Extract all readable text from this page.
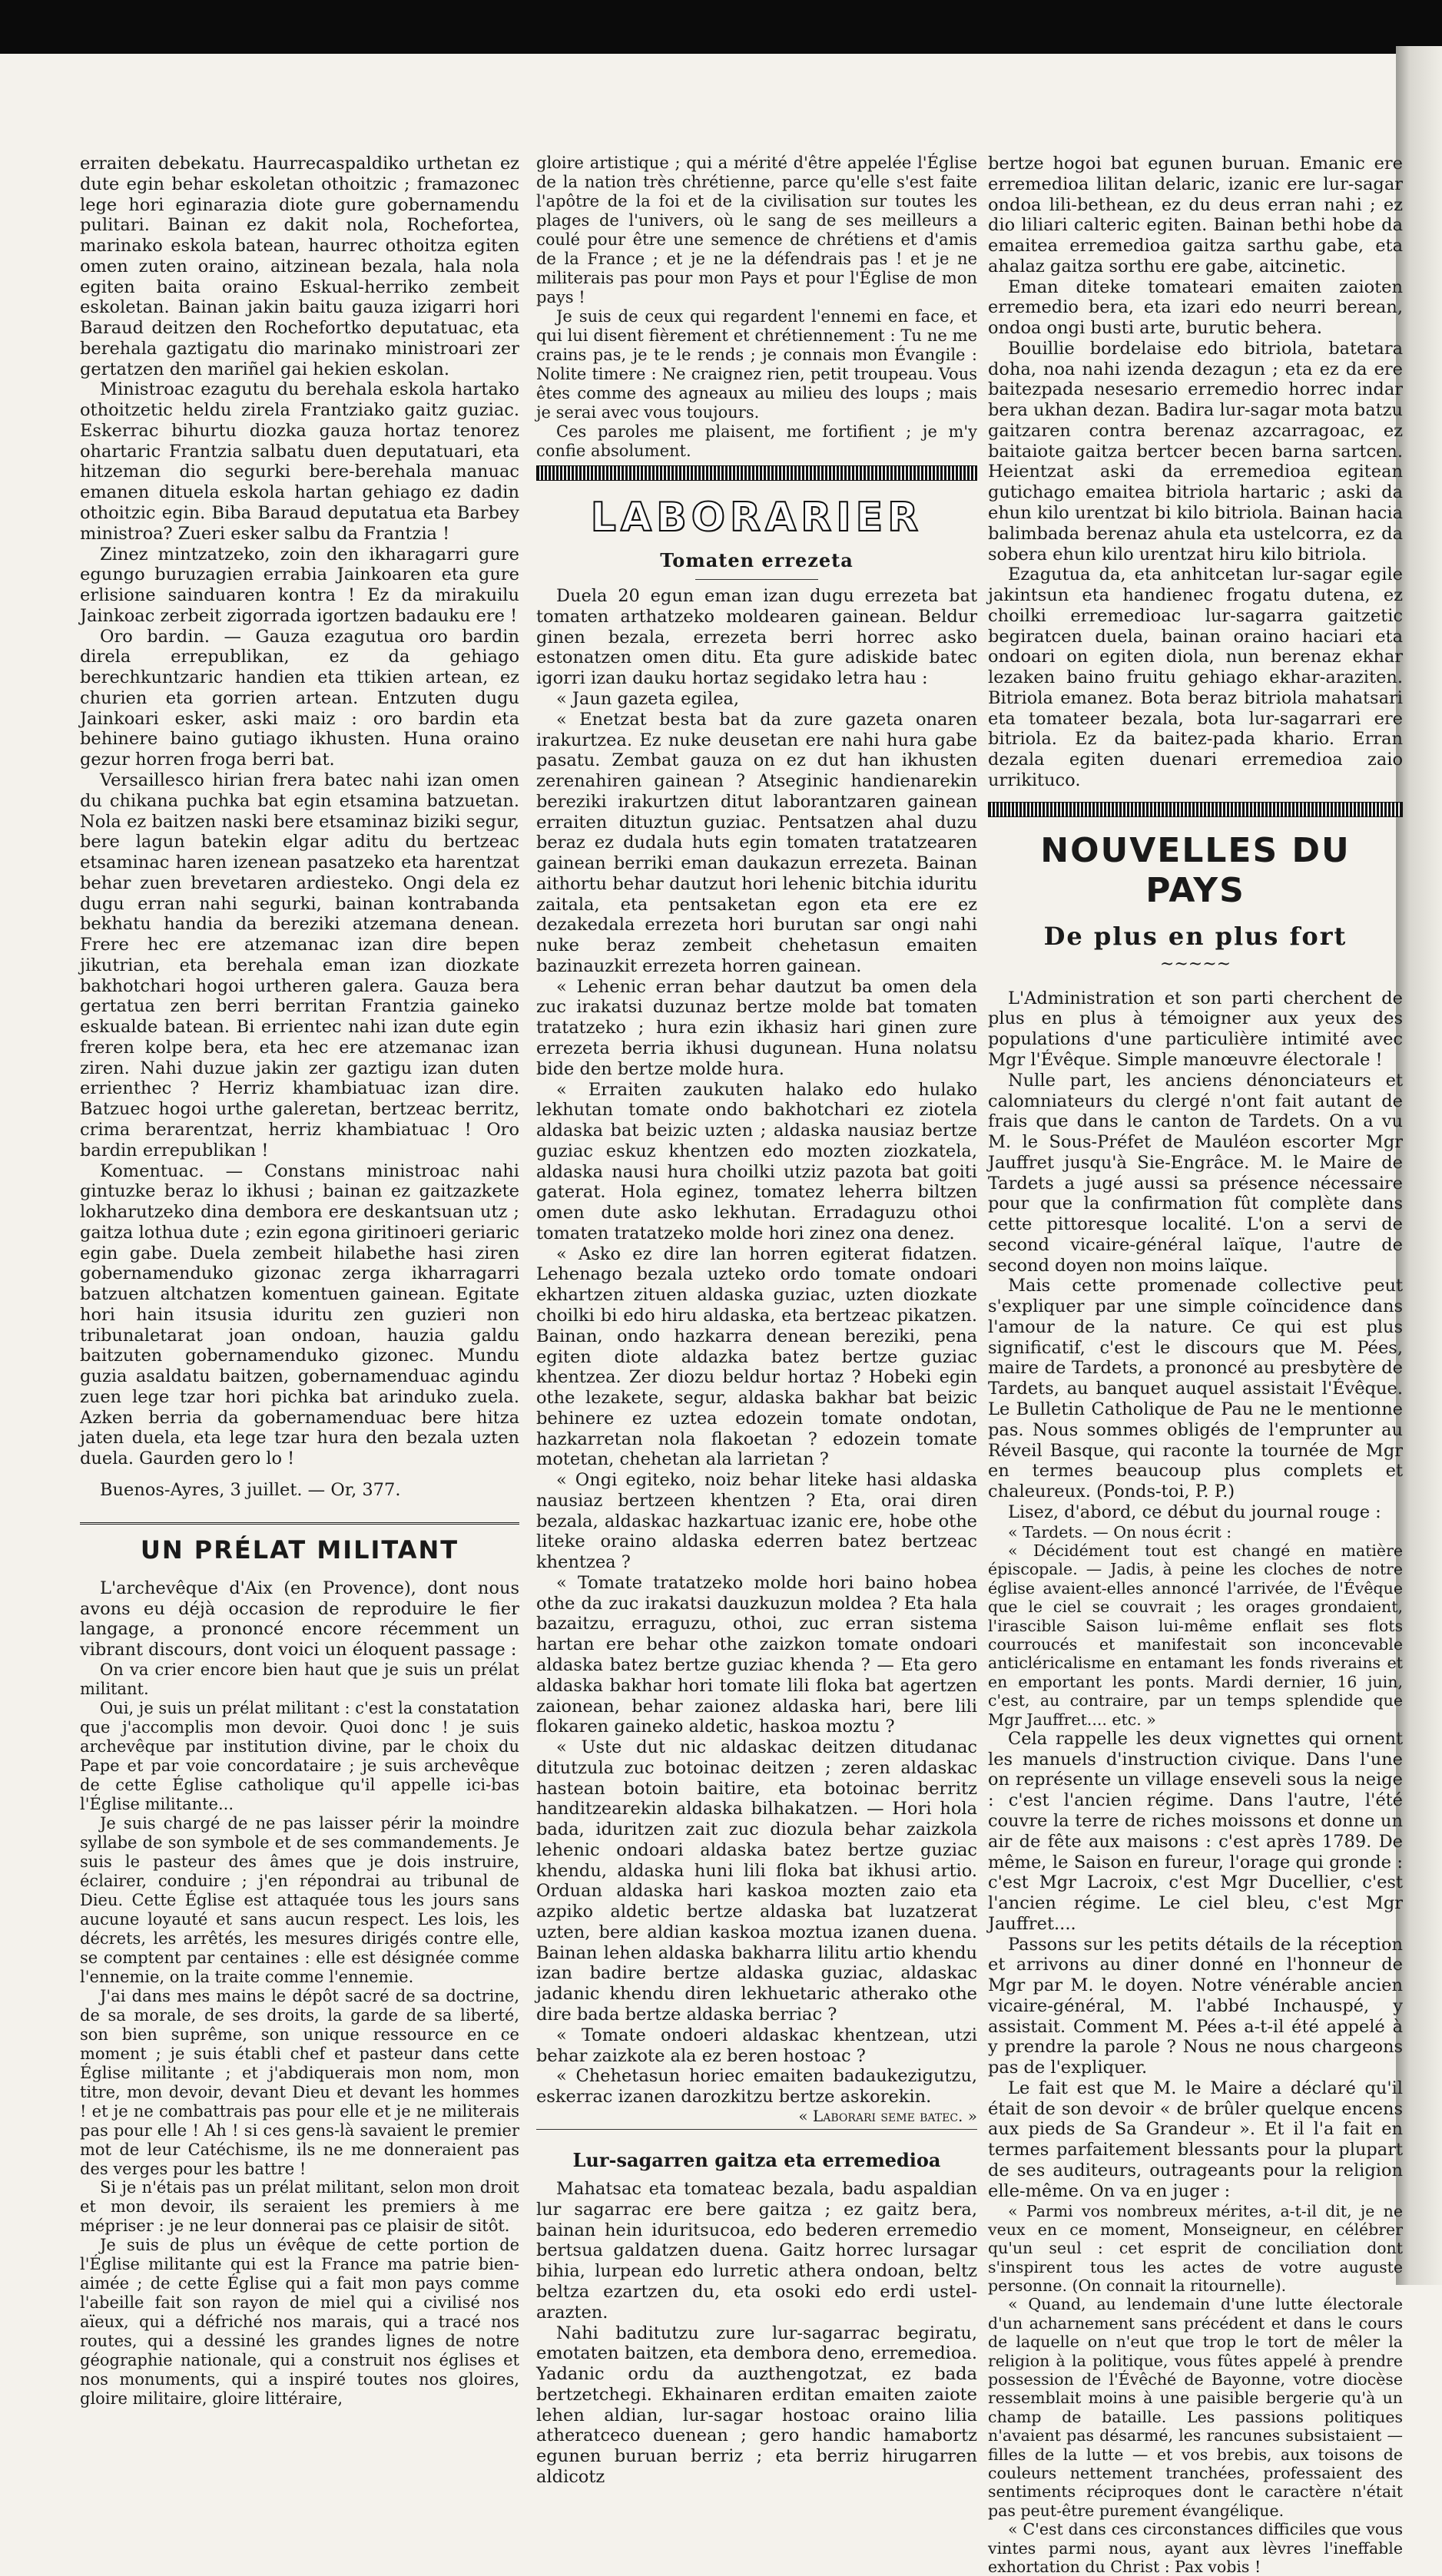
erraiten debekatu. Haurrecaspaldiko urthetan ez dute egin behar eskoletan othoitzic ; framazonec lege hori eginarazia diote gure gobernamendu pulitari. Bainan ez dakit nola, Rochefortea, marinako eskola batean, haurrec othoitza egiten omen zuten oraino, aitzinean bezala, hala nola egiten baita oraino Eskual-herriko zembeit eskoletan. Bainan jakin baitu gauza izigarri hori Baraud deitzen den Rochefortko deputatuac, eta berehala gaztigatu dio marinako ministroari zer gertatzen den mariñel gai hekien eskolan.

Ministroac ezagutu du berehala eskola hartako othoitzetic heldu zirela Frantziako gaitz guziac. Eskerrac bihurtu diozka gauza hortaz tenorez ohartaric Frantzia salbatu duen deputatuari, eta hitzeman dio segurki bere-berehala manuac emanen dituela eskola hartan gehiago ez dadin othoitzic egin. Biba Baraud deputatua eta Barbey ministroa? Zueri esker salbu da Frantzia !

Zinez mintzatzeko, zoin den ikharagarri gure egungo buruzagien errabia Jainkoaren eta gure erlisione sainduaren kontra ! Ez da mirakuilu Jainkoac zerbeit zigorrada igortzen badauku ere !

Oro bardin. — Gauza ezagutua oro bardin direla errepublikan, ez da gehiago berechkuntzaric handien eta ttikien artean, ez churien eta gorrien artean. Entzuten dugu Jainkoari esker, aski maiz : oro bardin eta behinere baino gutiago ikhusten. Huna oraino gezur horren froga berri bat.

Versaillesco hirian frera batec nahi izan omen du chikana puchka bat egin etsamina batzuetan. Nola ez baitzen naski bere etsaminaz biziki segur, bere lagun batekin elgar aditu du bertzeac etsaminac haren izenean pasatzeko eta harentzat behar zuen brevetaren ardiesteko. Ongi dela ez dugu erran nahi segurki, bainan kontrabanda bekhatu handia da bereziki atzemana denean. Frere hec ere atzemanac izan dire bepen jikutrian, eta berehala eman izan diozkate bakhotchari hogoi urtheren galera. Gauza bera gertatua zen berri berritan Frantzia gaineko eskualde batean. Bi errientec nahi izan dute egin freren kolpe bera, eta hec ere atzemanac izan ziren. Nahi duzue jakin zer gaztigu izan duten errienthec ? Herriz khambiatuac izan dire. Batzuec hogoi urthe galeretan, bertzeac berritz, crima berarentzat, herriz khambiatuac ! Oro bardin errepublikan !

Komentuac. — Constans ministroac nahi gintuzke beraz lo ikhusi ; bainan ez gaitzazkete lokharutzeko dina dembora ere deskantsuan utz ; gaitza lothua dute ; ezin egona giritinoeri geriaric egin gabe. Duela zembeit hilabethe hasi ziren gobernamenduko gizonac zerga ikharragarri batzuen altchatzen komentuen gainean. Egitate hori hain itsusia iduritu zen guzieri non tribunaletarat joan ondoan, hauzia galdu baitzuten gobernamenduko gizonec. Mundu guzia asaldatu baitzen, gobernamenduac agindu zuen lege tzar hori pichka bat arinduko zuela. Azken berria da gobernamenduac bere hitza jaten duela, eta lege tzar hura den bezala uzten duela. Gaurden gero lo !

Buenos-Ayres, 3 juillet. — Or, 377.

UN PRÉLAT MILITANT

L'archevêque d'Aix (en Provence), dont nous avons eu déjà occasion de reproduire le fier langage, a prononcé encore récemment un vibrant discours, dont voici un éloquent passage :

On va crier encore bien haut que je suis un prélat militant.

Oui, je suis un prélat militant : c'est la constatation que j'accomplis mon devoir. Quoi donc ! je suis archevêque par institution divine, par le choix du Pape et par voie concordataire ; je suis archevêque de cette Église catholique qu'il appelle ici-bas l'Église militante...

Je suis chargé de ne pas laisser périr la moindre syllabe de son symbole et de ses commandements. Je suis le pasteur des âmes que je dois instruire, éclairer, conduire ; j'en répondrai au tribunal de Dieu. Cette Église est attaquée tous les jours sans aucune loyauté et sans aucun respect. Les lois, les décrets, les arrêtés, les mesures dirigés contre elle, se comptent par centaines : elle est désignée comme l'ennemie, on la traite comme l'ennemie.

J'ai dans mes mains le dépôt sacré de sa doctrine, de sa morale, de ses droits, la garde de sa liberté, son bien suprême, son unique ressource en ce moment ; je suis établi chef et pasteur dans cette Église militante ; et j'abdiquerais mon nom, mon titre, mon devoir, devant Dieu et devant les hommes ! et je ne combattrais pas pour elle et je ne militerais pas pour elle ! Ah ! si ces gens-là savaient le premier mot de leur Catéchisme, ils ne me donneraient pas des verges pour les battre !

Si je n'étais pas un prélat militant, selon mon droit et mon devoir, ils seraient les premiers à me mépriser : je ne leur donnerai pas ce plaisir de sitôt.

Je suis de plus un évêque de cette portion de l'Église militante qui est la France ma patrie bien-aimée ; de cette Église qui a fait mon pays comme l'abeille fait son rayon de miel qui a civilisé nos aïeux, qui a défriché nos marais, qui a tracé nos routes, qui a dessiné les grandes lignes de notre géographie nationale, qui a construit nos églises et nos monuments, qui a inspiré toutes nos gloires, gloire militaire, gloire littéraire,

gloire artistique ; qui a mérité d'être appelée l'Église de la nation très chrétienne, parce qu'elle s'est faite l'apôtre de la foi et de la civilisation sur toutes les plages de l'univers, où le sang de ses meilleurs a coulé pour être une semence de chrétiens et d'amis de la France ; et je ne la défendrais pas ! et je ne militerais pas pour mon Pays et pour l'Église de mon pays !

Je suis de ceux qui regardent l'ennemi en face, et qui lui disent fièrement et chrétiennement : Tu ne me crains pas, je te le rends ; je connais mon Évangile : Nolite timere : Ne craignez rien, petit troupeau. Vous êtes comme des agneaux au milieu des loups ; mais je serai avec vous toujours.

Ces paroles me plaisent, me fortifient ; je m'y confie absolument.

LABORARIER
Tomaten errezeta

Duela 20 egun eman izan dugu errezeta bat tomaten arthatzeko moldearen gainean. Beldur ginen bezala, errezeta berri horrec asko estonatzen omen ditu. Eta gure adiskide batec igorri izan dauku hortaz segidako letra hau :

« Jaun gazeta egilea,

« Enetzat besta bat da zure gazeta onaren irakurtzea. Ez nuke deusetan ere nahi hura gabe pasatu. Zembat gauza on ez dut han ikhusten zerenahiren gainean ? Atseginic handienarekin bereziki irakurtzen ditut laborantzaren gainean erraiten dituztun guziac. Pentsatzen ahal duzu beraz ez dudala huts egin tomaten tratatzearen gainean berriki eman daukazun errezeta. Bainan aithortu behar dautzut hori lehenic bitchia iduritu zaitala, eta pentsaketan egon eta ere ez dezakedala errezeta hori burutan sar ongi nahi nuke beraz zembeit chehetasun emaiten bazinauzkit errezeta horren gainean.

« Lehenic erran behar dautzut ba omen dela zuc irakatsi duzunaz bertze molde bat tomaten tratatzeko ; hura ezin ikhasiz hari ginen zure errezeta berria ikhusi dugunean. Huna nolatsu bide den bertze molde hura.

« Erraiten zaukuten halako edo hulako lekhutan tomate ondo bakhotchari ez ziotela aldaska bat beizic uzten ; aldaska nausiaz bertze guziac eskuz khentzen edo mozten ziozkatela, aldaska nausi hura choilki utziz pazota bat goiti gaterat. Hola eginez, tomatez leherra biltzen omen dute asko lekhutan. Erradaguzu othoi tomaten tratatzeko molde hori zinez ona denez.

« Asko ez dire lan horren egiterat fidatzen. Lehenago bezala uzteko ordo tomate ondoari ekhartzen zituen aldaska guziac, uzten diozkate choilki bi edo hiru aldaska, eta bertzeac pikatzen. Bainan, ondo hazkarra denean bereziki, pena egiten diote aldazka batez bertze guziac khentzea. Zer diozu beldur hortaz ? Hobeki egin othe lezakete, segur, aldaska bakhar bat beizic behinere ez uztea edozein tomate ondotan, hazkarretan nola flakoetan ? edozein tomate motetan, chehetan ala larrietan ?

« Ongi egiteko, noiz behar liteke hasi aldaska nausiaz bertzeen khentzen ? Eta, orai diren bezala, aldaskac hazkartuac izanic ere, hobe othe liteke oraino aldaska ederren batez bertzeac khentzea ?

« Tomate tratatzeko molde hori baino hobea othe da zuc irakatsi dauzkuzun moldea ? Eta hala bazaitzu, erraguzu, othoi, zuc erran sistema hartan ere behar othe zaizkon tomate ondoari aldaska batez bertze guziac khenda ? — Eta gero aldaska bakhar hori tomate lili floka bat agertzen zaionean, behar zaionez aldaska hari, bere lili flokaren gaineko aldetic, haskoa moztu ?

« Uste dut nic aldaskac deitzen ditudanac ditutzula zuc botoinac deitzen ; zeren aldaskac hastean botoin baitire, eta botoinac berritz handitzearekin aldaska bilhakatzen. — Hori hola bada, iduritzen zait zuc diozula behar zaizkola lehenic ondoari aldaska batez bertze guziac khendu, aldaska huni lili floka bat ikhusi artio. Orduan aldaska hari kaskoa mozten zaio eta azpiko aldetic bertze aldaska bat luzatzerat uzten, bere aldian kaskoa moztua izanen duena. Bainan lehen aldaska bakharra lilitu artio khendu izan badire bertze aldaska guziac, aldaskac jadanic khendu diren lekhuetaric atherako othe dire bada bertze aldaska berriac ?

« Tomate ondoeri aldaskac khentzean, utzi behar zaizkote ala ez beren hostoac ?

« Chehetasun horiec emaiten badaukezigutzu, eskerrac izanen darozkitzu bertze askorekin.

« Laborari seme batec. »

Lur-sagarren gaitza eta erremedioa

Mahatsac eta tomateac bezala, badu aspaldian lur sagarrac ere bere gaitza ; ez gaitz bera, bainan hein iduritsucoa, edo bederen erremedio bertsua galdatzen duena. Gaitz horrec lursagar bihia, lurpean edo lurretic athera ondoan, beltz beltza ezartzen du, eta osoki edo erdi ustel-arazten.

Nahi baditutzu zure lur-sagarrac begiratu, emotaten baitzen, eta dembora deno, erremedioa. Yadanic ordu da auzthengotzat, ez bada bertzetchegi. Ekhainaren erditan emaiten zaiote lehen aldian, lur-sagar hostoac oraino lilia atheratceco duenean ; gero handic hamabortz egunen buruan berriz ; eta berriz hirugarren aldicotz

bertze hogoi bat egunen buruan. Emanic ere erremedioa lilitan delaric, izanic ere lur-sagar ondoa lili-bethean, ez du deus erran nahi ; ez dio liliari calteric egiten. Bainan bethi hobe da emaitea erremedioa gaitza sarthu gabe, eta ahalaz gaitza sorthu ere gabe, aitcinetic.

Eman diteke tomateari emaiten zaioten erremedio bera, eta izari edo neurri berean, ondoa ongi busti arte, burutic behera.

Bouillie bordelaise edo bitriola, batetara doha, noa nahi izenda dezagun ; eta ez da ere baitezpada nesesario erremedio horrec indar bera ukhan dezan. Badira lur-sagar mota batzu gaitzaren contra berenaz azcarragoac, ez baitaiote gaitza bertcer becen barna sartcen. Heientzat aski da erremedioa egitean gutichago emaitea bitriola hartaric ; aski da ehun kilo urentzat bi kilo bitriola. Bainan hacia balimbada berenaz ahula eta ustelcorra, ez da sobera ehun kilo urentzat hiru kilo bitriola.

Ezagutua da, eta anhitcetan lur-sagar egile jakintsun eta handienec frogatu dutena, ez choilki erremedioac lur-sagarra gaitzetic begiratcen duela, bainan oraino haciari eta ondoari on egiten diola, nun berenaz ekhar lezaken baino fruitu gehiago ekhar-araziten. Bitriola emanez. Bota beraz bitriola mahatsari eta tomateer bezala, bota lur-sagarrari ere bitriola. Ez da baitez-pada khario. Erran dezala egiten duenari erremedioa zaio urrikituco.

NOUVELLES DU PAYS
De plus en plus fort
~~~~~

L'Administration et son parti cherchent de plus en plus à témoigner aux yeux des populations d'une particulière intimité avec Mgr l'Évêque. Simple manœuvre électorale !

Nulle part, les anciens dénonciateurs et calomniateurs du clergé n'ont fait autant de frais que dans le canton de Tardets. On a vu M. le Sous-Préfet de Mauléon escorter Mgr Jauffret jusqu'à Sie-Engrâce. M. le Maire de Tardets a jugé aussi sa présence nécessaire pour que la confirmation fût complète dans cette pittoresque localité. L'on a servi de second vicaire-général laïque, l'autre de second doyen non moins laïque.

Mais cette promenade collective peut s'expliquer par une simple coïncidence dans l'amour de la nature. Ce qui est plus significatif, c'est le discours que M. Pées, maire de Tardets, a prononcé au presbytère de Tardets, au banquet auquel assistait l'Évêque. Le Bulletin Catholique de Pau ne le mentionne pas. Nous sommes obligés de l'emprunter au Réveil Basque, qui raconte la tournée de Mgr en termes beaucoup plus complets et chaleureux. (Ponds-toi, P. P.)

Lisez, d'abord, ce début du journal rouge :

« Tardets. — On nous écrit :

« Décidément tout est changé en matière épiscopale. — Jadis, à peine les cloches de notre église avaient-elles annoncé l'arrivée, de l'Évêque que le ciel se couvrait ; les orages grondaient, l'irascible Saison lui-même enflait ses flots courroucés et manifestait son inconcevable anticléricalisme en entamant les fonds riverains et en emportant les ponts. Mardi dernier, 16 juin, c'est, au contraire, par un temps splendide que Mgr Jauffret.... etc. »

Cela rappelle les deux vignettes qui ornent les manuels d'instruction civique. Dans l'une on représente un village enseveli sous la neige : c'est l'ancien régime. Dans l'autre, l'été couvre la terre de riches moissons et donne un air de fête aux maisons : c'est après 1789. De même, le Saison en fureur, l'orage qui gronde : c'est Mgr Lacroix, c'est Mgr Ducellier, c'est l'ancien régime. Le ciel bleu, c'est Mgr Jauffret....

Passons sur les petits détails de la réception et arrivons au diner donné en l'honneur de Mgr par M. le doyen. Notre vénérable ancien vicaire-général, M. l'abbé Inchauspé, y assistait. Comment M. Pées a-t-il été appelé à y prendre la parole ? Nous ne nous chargeons pas de l'expliquer.

Le fait est que M. le Maire a déclaré qu'il était de son devoir « de brûler quelque encens aux pieds de Sa Grandeur ». Et il l'a fait en termes parfaitement blessants pour la plupart de ses auditeurs, outrageants pour la religion elle-même. On va en juger :

« Parmi vos nombreux mérites, a-t-il dit, je ne veux en ce moment, Monseigneur, en célébrer qu'un seul : cet esprit de conciliation dont s'inspirent tous les actes de votre auguste personne. (On connait la ritournelle).

« Quand, au lendemain d'une lutte électorale d'un acharnement sans précédent et dans le cours de laquelle on n'eut que trop le tort de mêler la religion à la politique, vous fûtes appelé à prendre possession de l'Évêché de Bayonne, votre diocèse ressemblait moins à une paisible bergerie qu'à un champ de bataille. Les passions politiques n'avaient pas désarmé, les rancunes subsistaient — filles de la lutte — et vos brebis, aux toisons de couleurs nettement tranchées, professaient des sentiments réciproques dont le caractère n'était pas peut-être purement évangélique.

« C'est dans ces circonstances difficiles que vous vintes parmi nous, ayant aux lèvres l'ineffable exhortation du Christ : Pax vobis !
